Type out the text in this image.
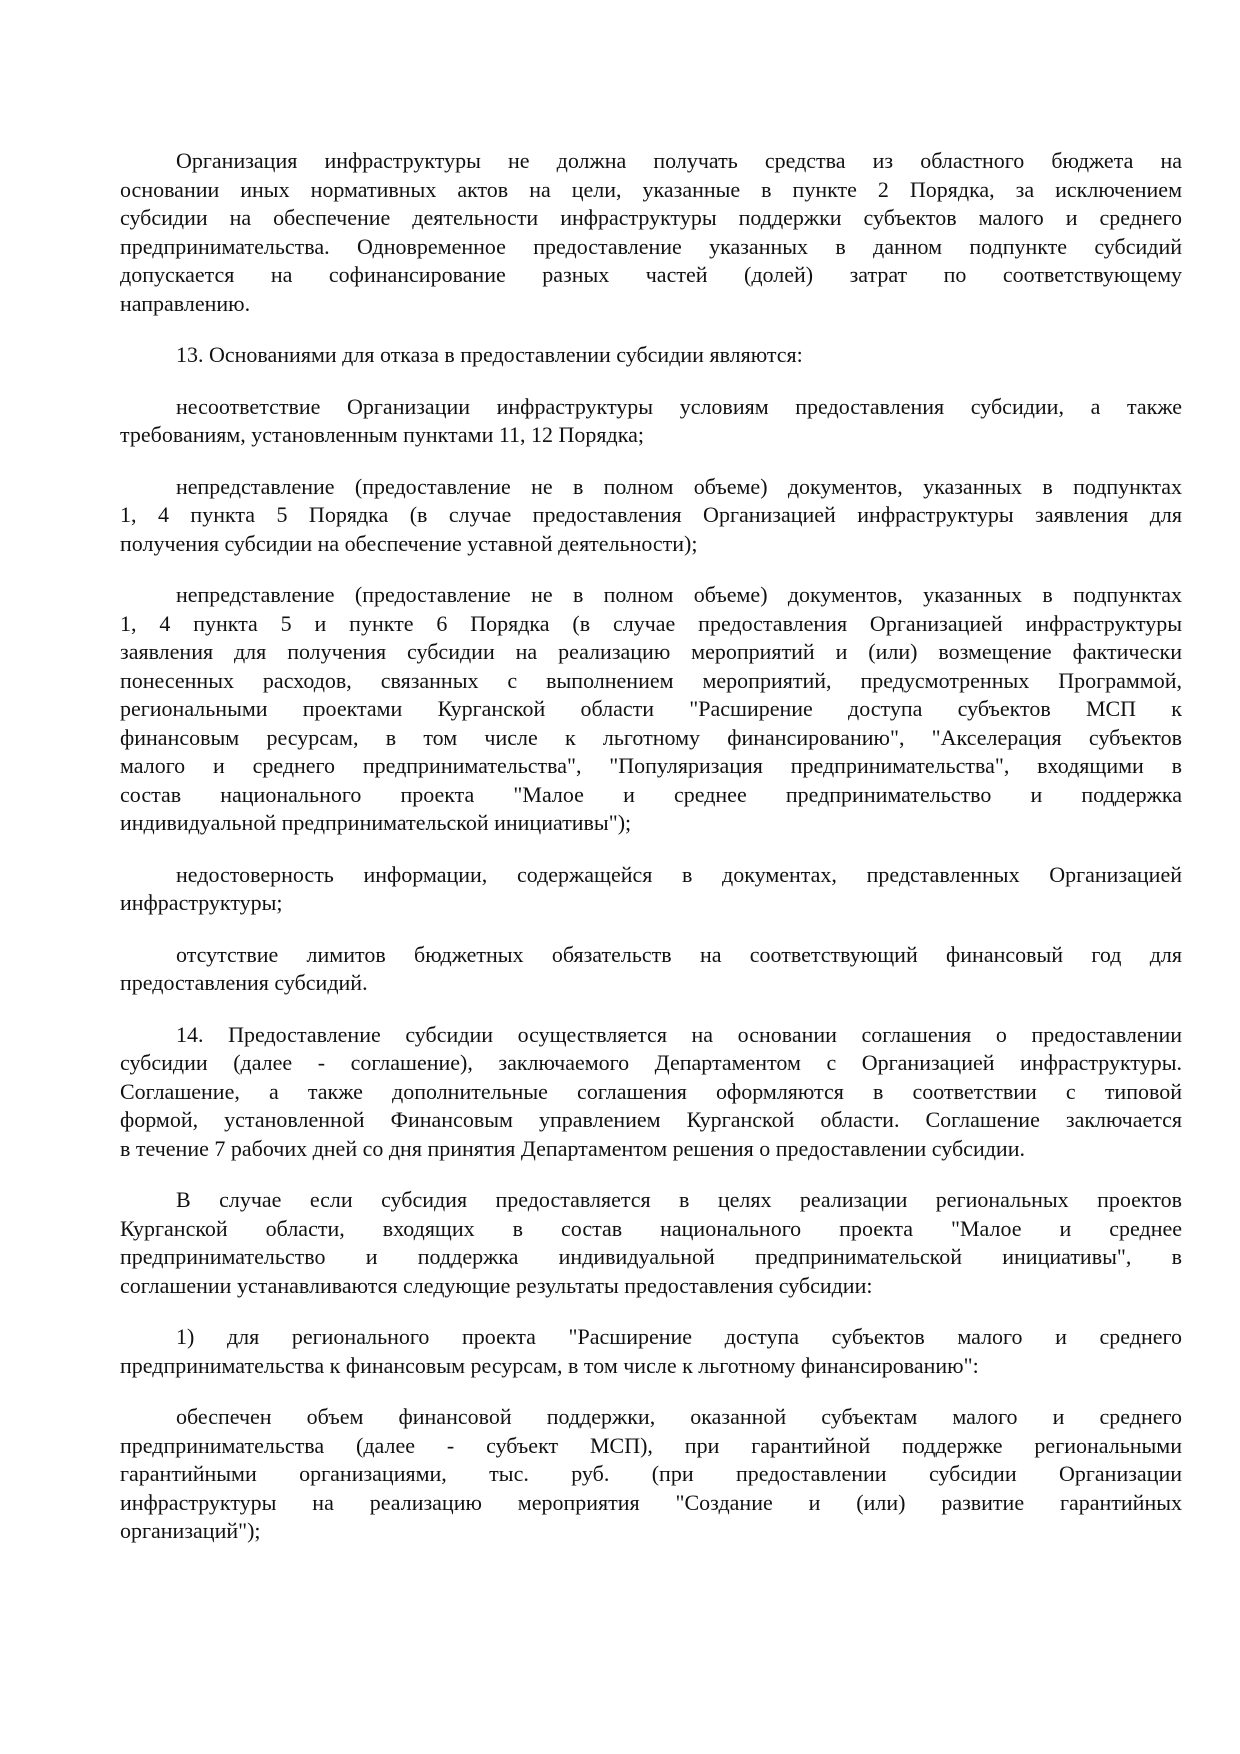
Организация инфраструктуры не должна получать средства из областного бюджета на
основании иных нормативных актов на цели, указанные в пункте 2 Порядка, за исключением
субсидии на обеспечение деятельности инфраструктуры поддержки субъектов малого и среднего
предпринимательства. Одновременное предоставление указанных в данном подпункте субсидий
допускается на софинансирование разных частей (долей) затрат по соответствующему
направлению.
13. Основаниями для отказа в предоставлении субсидии являются:
несоответствие Организации инфраструктуры условиям предоставления субсидии, а также
требованиям, установленным пунктами 11, 12 Порядка;
непредставление (предоставление не в полном объеме) документов, указанных в подпунктах
1, 4 пункта 5 Порядка (в случае предоставления Организацией инфраструктуры заявления для
получения субсидии на обеспечение уставной деятельности);
непредставление (предоставление не в полном объеме) документов, указанных в подпунктах
1, 4 пункта 5 и пункте 6 Порядка (в случае предоставления Организацией инфраструктуры
заявления для получения субсидии на реализацию мероприятий и (или) возмещение фактически
понесенных расходов, связанных с выполнением мероприятий, предусмотренных Программой,
региональными проектами Курганской области "Расширение доступа субъектов МСП к
финансовым ресурсам, в том числе к льготному финансированию", "Акселерация субъектов
малого и среднего предпринимательства", "Популяризация предпринимательства", входящими в
состав национального проекта "Малое и среднее предпринимательство и поддержка
индивидуальной предпринимательской инициативы");
недостоверность информации, содержащейся в документах, представленных Организацией
инфраструктуры;
отсутствие лимитов бюджетных обязательств на соответствующий финансовый год для
предоставления субсидий.
14. Предоставление субсидии осуществляется на основании соглашения о предоставлении
субсидии (далее - соглашение), заключаемого Департаментом с Организацией инфраструктуры.
Соглашение, а также дополнительные соглашения оформляются в соответствии с типовой
формой, установленной Финансовым управлением Курганской области. Соглашение заключается
в течение 7 рабочих дней со дня принятия Департаментом решения о предоставлении субсидии.
В случае если субсидия предоставляется в целях реализации региональных проектов
Курганской области, входящих в состав национального проекта "Малое и среднее
предпринимательство и поддержка индивидуальной предпринимательской инициативы", в
соглашении устанавливаются следующие результаты предоставления субсидии:
1) для регионального проекта "Расширение доступа субъектов малого и среднего
предпринимательства к финансовым ресурсам, в том числе к льготному финансированию":
обеспечен объем финансовой поддержки, оказанной субъектам малого и среднего
предпринимательства (далее - субъект МСП), при гарантийной поддержке региональными
гарантийными организациями, тыс. руб. (при предоставлении субсидии Организации
инфраструктуры на реализацию мероприятия "Создание и (или) развитие гарантийных
организаций");
